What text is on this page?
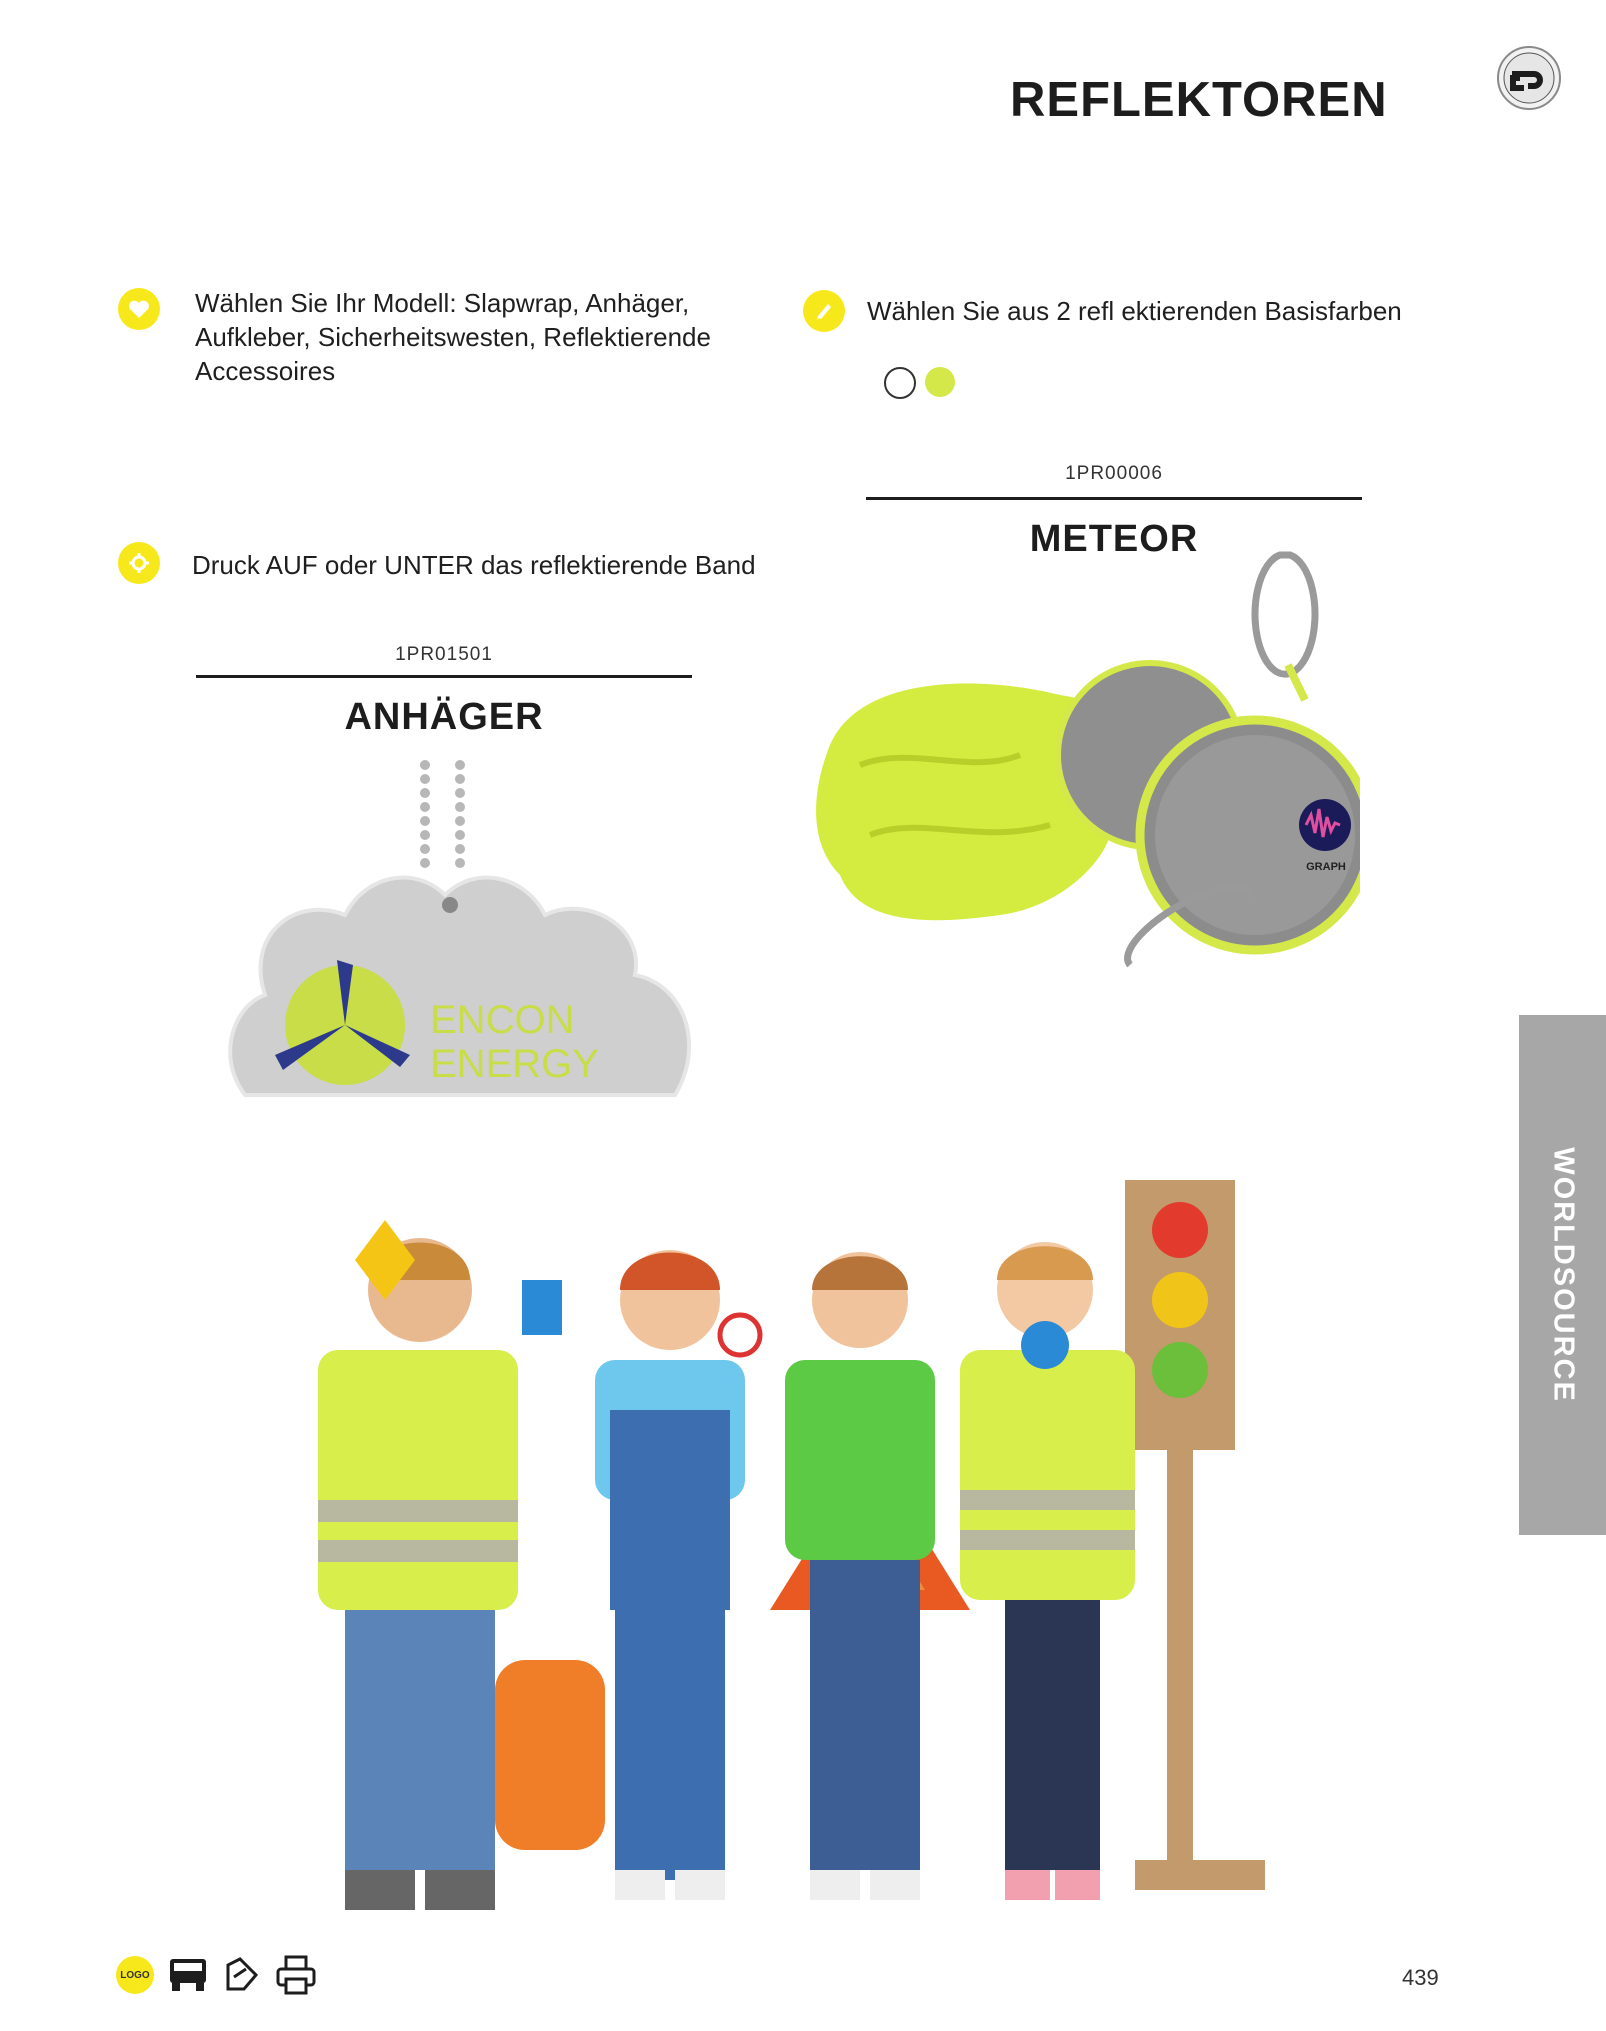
REFLEKTOREN
Wählen Sie Ihr Modell: Slapwrap, Anhäger, Aufkleber, Sicherheitswesten, Reflektierende Accessoires
Wählen Sie aus 2 refl ektierenden Basisfarben
Druck AUF oder UNTER das reflektierende Band
1PR00006
METEOR
GRAPH
1PR01501
ANHÄGER
ENCON
ENERGY
WORLDSOURCE
LOGO	439
